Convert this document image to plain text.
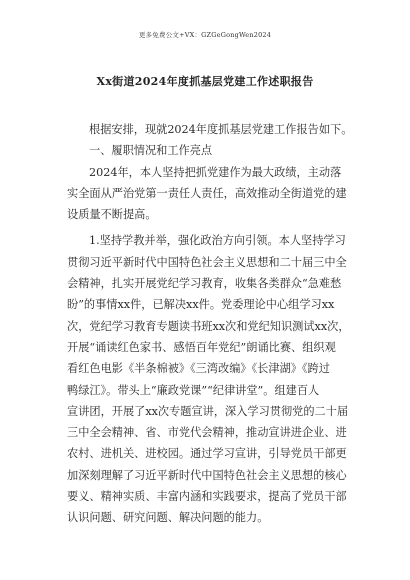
更多免费公文+VX：GZGeGongWen2024
Xx街道2024年度抓基层党建工作述职报告
根据安排，现就2024年度抓基层党建工作报告如下。
一、履职情况和工作亮点
2024年，本人坚持把抓党建作为最大政绩，主动落
实全面从严治党第一责任人责任，高效推动全街道党的建
设质量不断提高。
1.坚持学教并举，强化政治方向引领。本人坚持学习
贯彻习近平新时代中国特色社会主义思想和二十届三中全
会精神，扎实开展党纪学习教育，收集各类群众“急难愁
盼”的事情xx件，已解决xx件。党委理论中心组学习xx
次，党纪学习教育专题读书班xx次和党纪知识测试xx次，
开展“诵读红色家书、感悟百年党纪”朗诵比赛、组织观
看红色电影《半条棉被》《三湾改编》《长津湖》《跨过
鸭绿江》。带头上“廉政党课”“纪律讲堂”。组建百人
宣讲团，开展了xx次专题宣讲，深入学习贯彻党的二十届
三中全会精神、省、市党代会精神，推动宣讲进企业、进
农村、进机关、进校园。通过学习宣讲，引导党员干部更
加深刻理解了习近平新时代中国特色社会主义思想的核心
要义、精神实质、丰富内涵和实践要求，提高了党员干部
认识问题、研究问题、解决问题的能力。
